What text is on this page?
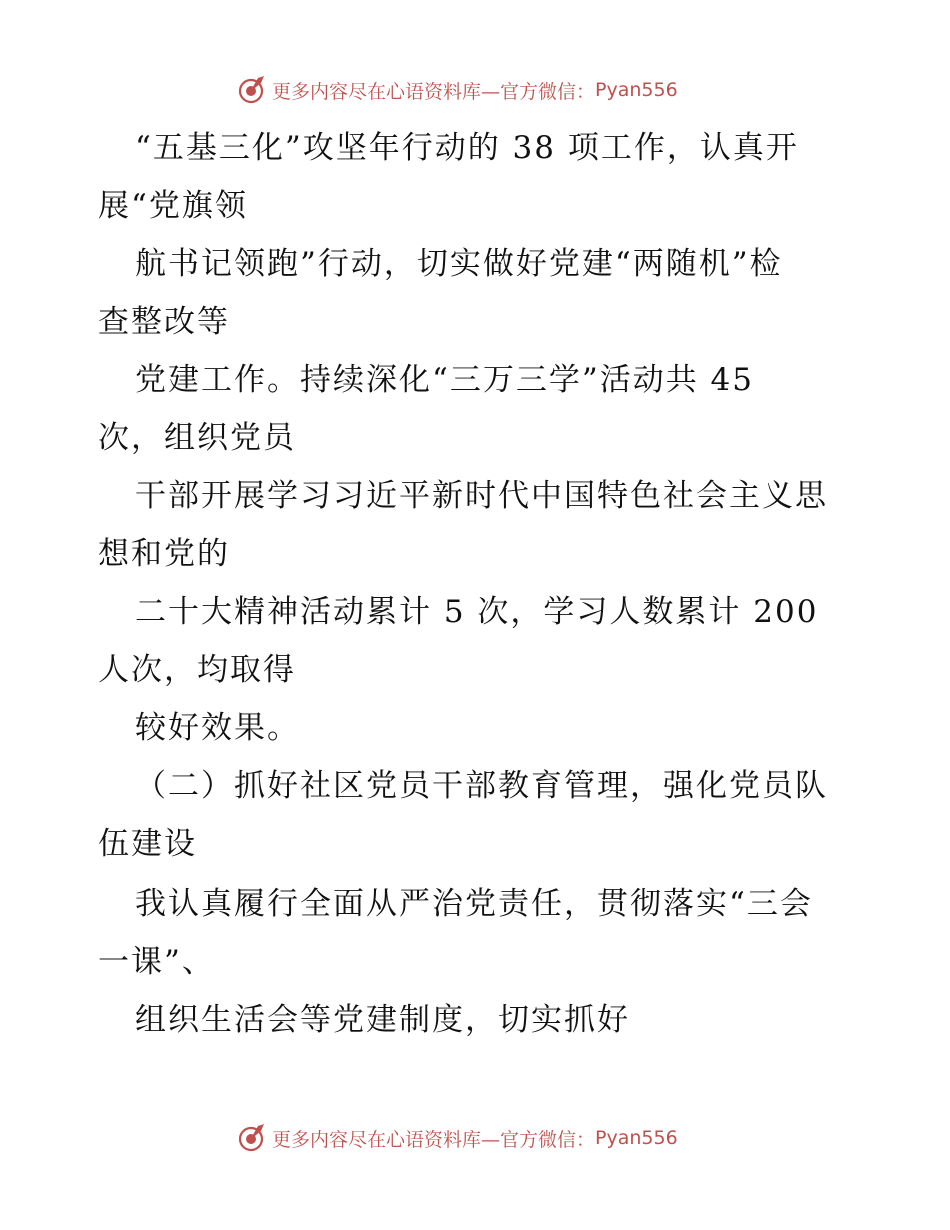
更多内容尽在心语资料库—官方微信： Pyan556
“五基三化”攻坚年行动的 38 项工作，认真开
展“党旗领
航书记领跑”行动，切实做好党建“两随机”检
查整改等
党建工作。持续深化“三万三学”活动共 45
次，组织党员
干部开展学习习近平新时代中国特色社会主义思
想和党的
二十大精神活动累计 5 次，学习人数累计 200
人次，均取得
较好效果。
（二）抓好社区党员干部教育管理，强化党员队
伍建设
我认真履行全面从严治党责任，贯彻落实“三会
一课”、
组织生活会等党建制度，切实抓好
更多内容尽在心语资料库—官方微信： Pyan556
